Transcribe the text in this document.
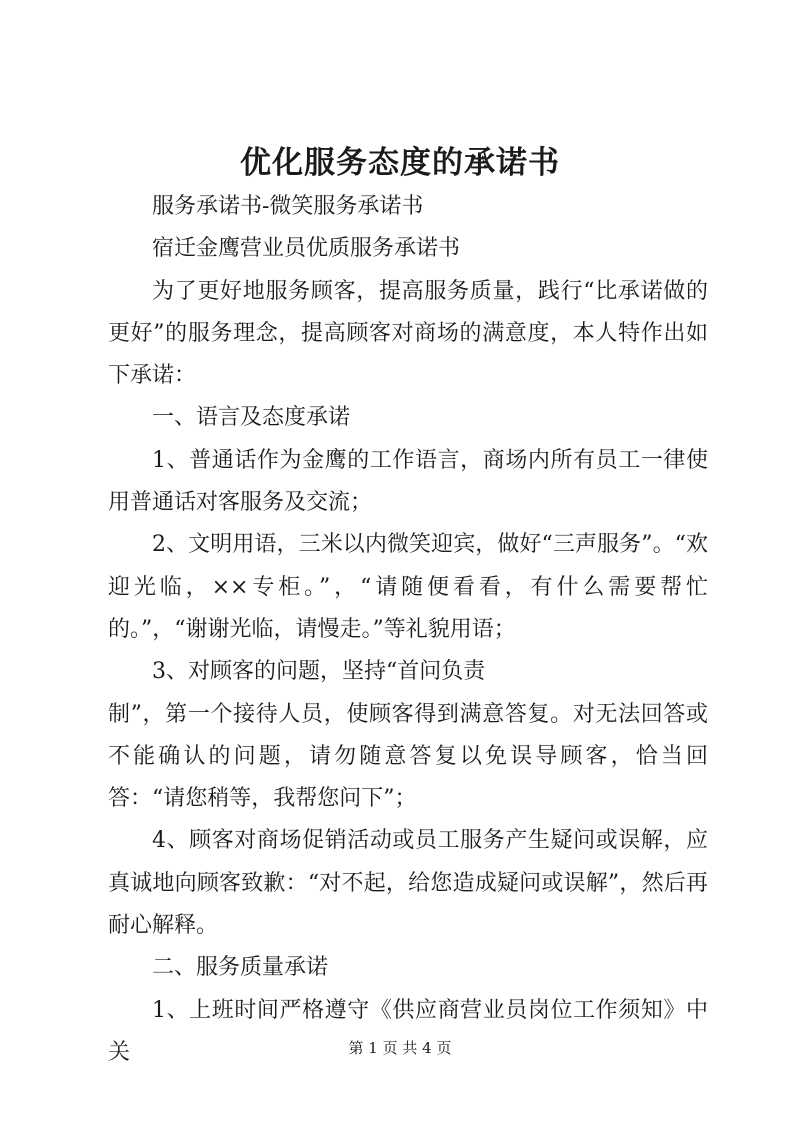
优化服务态度的承诺书

服务承诺书-微笑服务承诺书

宿迁金鹰营业员优质服务承诺书

为了更好地服务顾客，提高服务质量，践行“比承诺做的更好”的服务理念，提高顾客对商场的满意度，本人特作出如下承诺：

一、语言及态度承诺

1、普通话作为金鹰的工作语言，商场内所有员工一律使用普通话对客服务及交流；

2、文明用语，三米以内微笑迎宾，做好“三声服务”。“欢迎光临，××专柜。”，“请随便看看，有什么需要帮忙的。”，“谢谢光临，请慢走。”等礼貌用语；

3、对顾客的问题，坚持“首问负责

制”，第一个接待人员，使顾客得到满意答复。对无法回答或不能确认的问题，请勿随意答复以免误导顾客，恰当回答：“请您稍等，我帮您问下”；

4、顾客对商场促销活动或员工服务产生疑问或误解，应真诚地向顾客致歉：“对不起，给您造成疑问或误解”，然后再耐心解释。

二、服务质量承诺

1、上班时间严格遵守《供应商营业员岗位工作须知》中关	第 1 页 共 4 页
